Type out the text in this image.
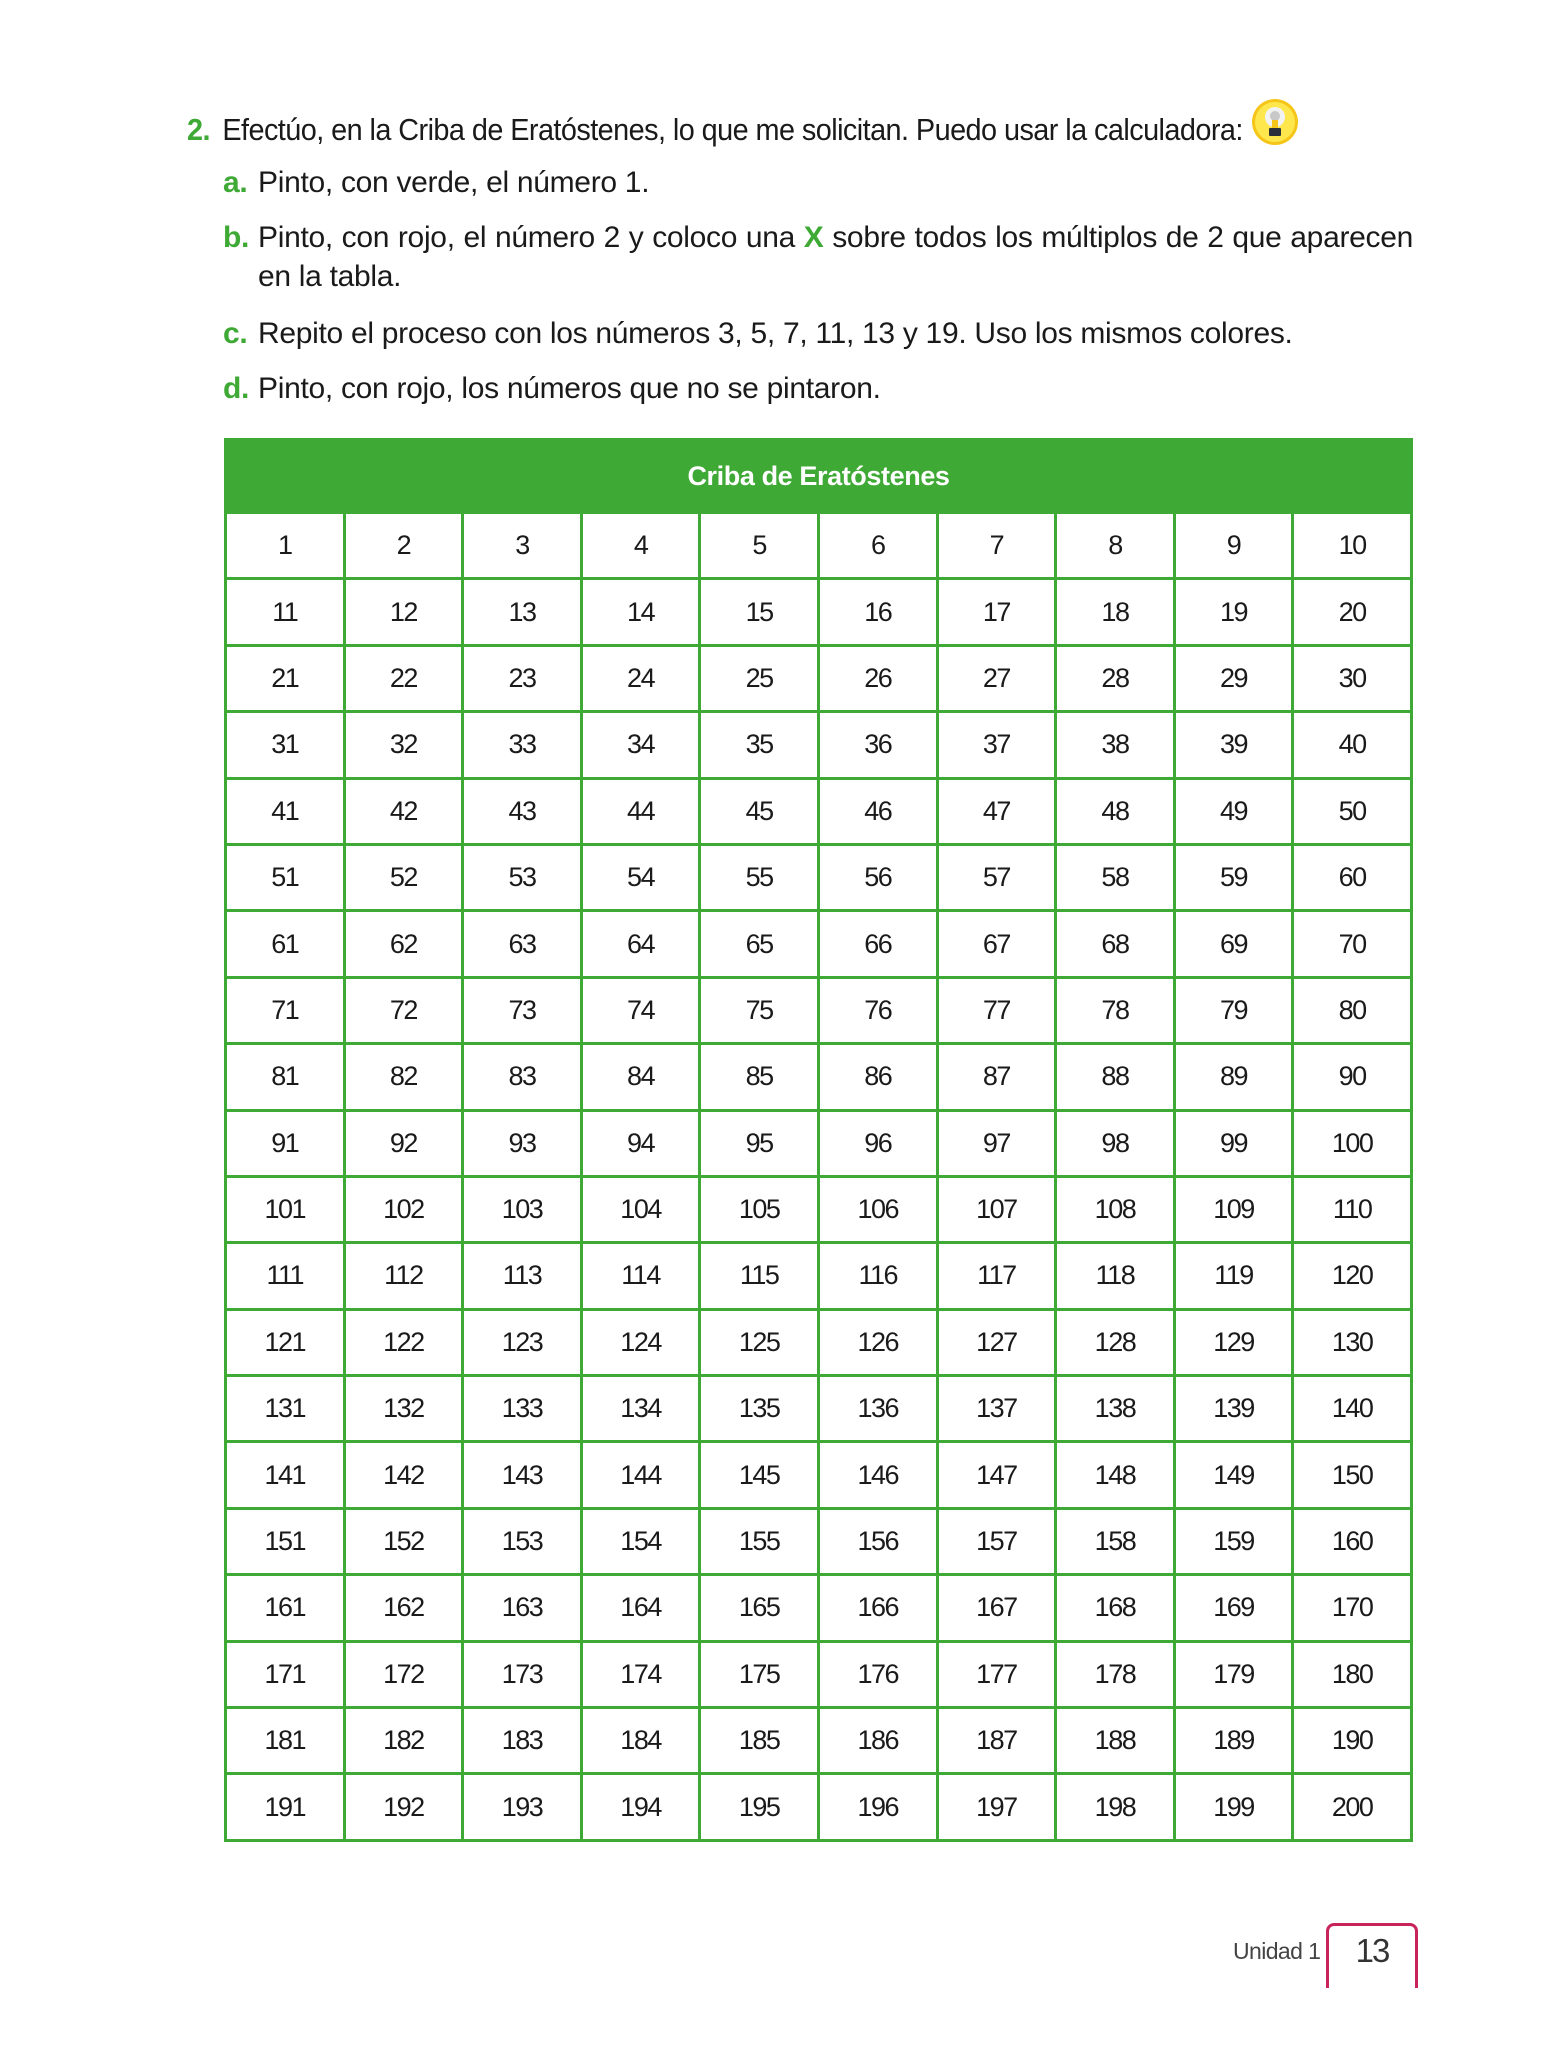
2. Efectúo, en la Criba de Eratóstenes, lo que me solicitan. Puedo usar la calculadora:
a. Pinto, con verde, el número 1.
b. Pinto, con rojo, el número 2 y coloco una X sobre todos los múltiplos de 2 que aparecen en la tabla.
c. Repito el proceso con los números 3, 5, 7, 11, 13 y 19. Uso los mismos colores.
d. Pinto, con rojo, los números que no se pintaron.
Criba de Eratóstenes									
1	2	3	4	5	6	7	8	9	10
11	12	13	14	15	16	17	18	19	20
21	22	23	24	25	26	27	28	29	30
31	32	33	34	35	36	37	38	39	40
41	42	43	44	45	46	47	48	49	50
51	52	53	54	55	56	57	58	59	60
61	62	63	64	65	66	67	68	69	70
71	72	73	74	75	76	77	78	79	80
81	82	83	84	85	86	87	88	89	90
91	92	93	94	95	96	97	98	99	100
101	102	103	104	105	106	107	108	109	110
111	112	113	114	115	116	117	118	119	120
121	122	123	124	125	126	127	128	129	130
131	132	133	134	135	136	137	138	139	140
141	142	143	144	145	146	147	148	149	150
151	152	153	154	155	156	157	158	159	160
161	162	163	164	165	166	167	168	169	170
171	172	173	174	175	176	177	178	179	180
181	182	183	184	185	186	187	188	189	190
191	192	193	194	195	196	197	198	199	200
Unidad 1	13
